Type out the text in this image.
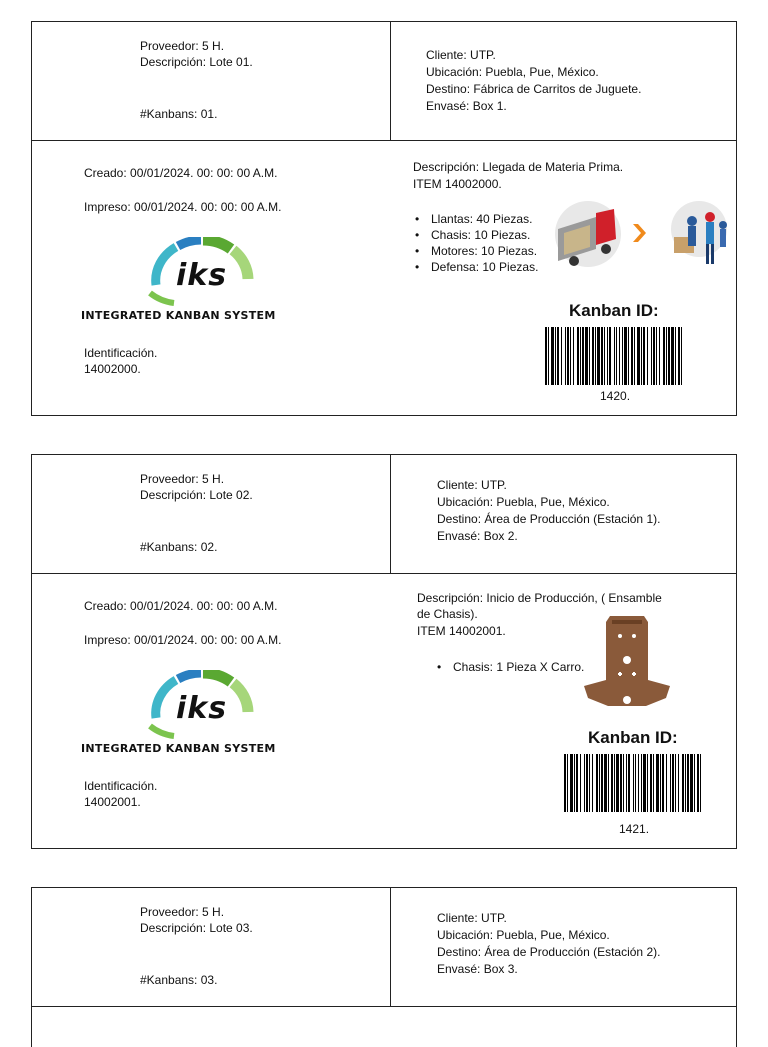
Proveedor: 5 H.
Descripción: Lote 01.
#Kanbans: 01.
Cliente: UTP.
Ubicación: Puebla, Pue, México.
Destino: Fábrica de Carritos de Juguete.
Envasé: Box 1.
Creado: 00/01/2024. 00: 00: 00 A.M.
Impreso: 00/01/2024. 00: 00: 00 A.M.
iks
INTEGRATED KANBAN SYSTEM
Identificación.
14002000.
Descripción: Llegada de Materia Prima.
ITEM 14002000.
• Llantas: 40 Piezas.
• Chasis: 10 Piezas.
• Motores: 10 Piezas.
• Defensa: 10 Piezas.
Kanban ID:
1420.
Proveedor: 5 H.
Descripción: Lote 02.
#Kanbans: 02.
Cliente: UTP.
Ubicación: Puebla, Pue, México.
Destino: Área de Producción (Estación 1).
Envasé: Box 2.
Creado: 00/01/2024. 00: 00: 00 A.M.
Impreso: 00/01/2024. 00: 00: 00 A.M.
iks
INTEGRATED KANBAN SYSTEM
Identificación.
14002001.
Descripción: Inicio de Producción, ( Ensamble
de Chasis).
ITEM 14002001.
• Chasis: 1 Pieza X Carro.
Kanban ID:
1421.
Proveedor: 5 H.
Descripción: Lote 03.
#Kanbans: 03.
Cliente: UTP.
Ubicación: Puebla, Pue, México.
Destino: Área de Producción (Estación 2).
Envasé: Box 3.
